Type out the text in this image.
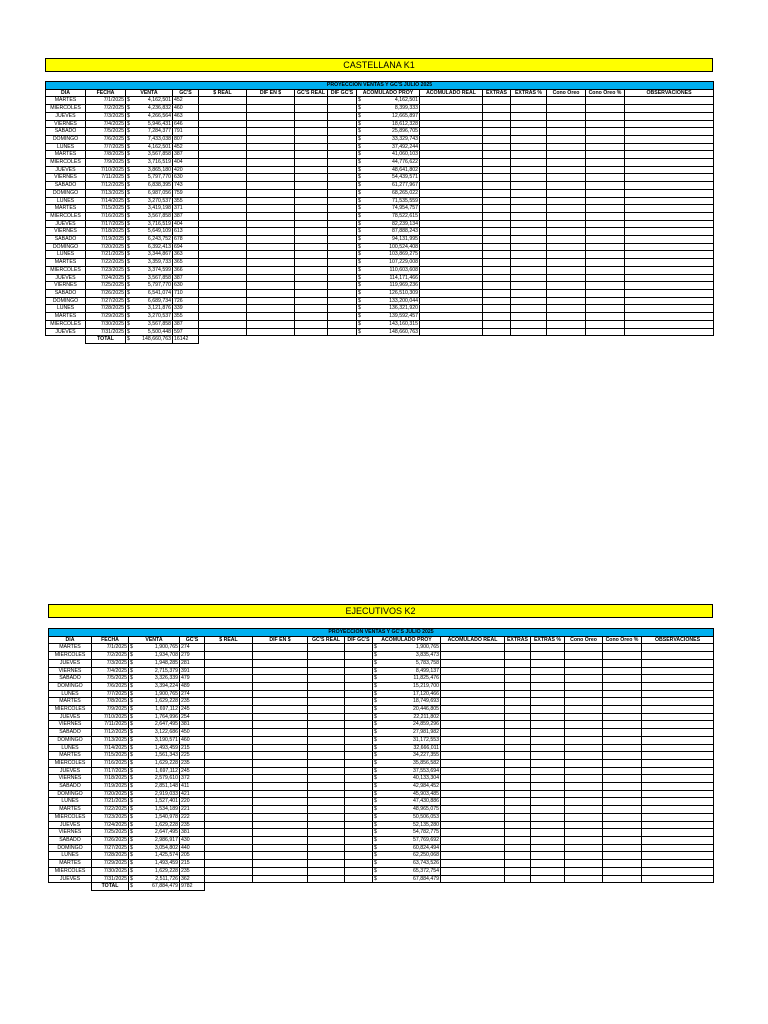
CASTELLANA K1
PROYECCIÓN VENTAS Y GC'S JULIO 2025														
DÍA	FECHA	VENTA	GC'S	$ REAL	DIF EN $	GC'S REAL	DIF GC'S	ACOMULADO PROY	ACOMULADO REAL	EXTRAS	EXTRAS %	Cono Oreo	Cono Oreo %	OBSERVACIONES
MARTES	7/1/2025	$ 4,162,501	452					$ 4,162,501						

MIÉRCOLES	7/2/2025	$ 4,236,832	460					$ 8,399,333						

JUEVES	7/3/2025	$ 4,266,564	463					$ 12,665,897						

VIERNES	7/4/2025	$ 5,946,431	646					$ 18,612,328						

SÁBADO	7/5/2025	$ 7,284,377	791					$ 25,896,705						

DOMINGO	7/6/2025	$ 7,433,038	807					$ 33,329,743						

LUNES	7/7/2025	$ 4,162,501	452					$ 37,492,244						

MARTES	7/8/2025	$ 3,567,858	387					$ 41,060,103						

MIÉRCOLES	7/9/2025	$ 3,716,519	404					$ 44,776,622						

JUEVES	7/10/2025	$ 3,865,180	420					$ 48,641,802						

VIERNES	7/11/2025	$ 5,797,770	630					$ 54,439,571						

SÁBADO	7/12/2025	$ 6,838,395	743					$ 61,277,967						

DOMINGO	7/13/2025	$ 6,987,056	759					$ 68,265,022						

LUNES	7/14/2025	$ 3,270,537	355					$ 71,535,559						

MARTES	7/15/2025	$ 3,419,198	371					$ 74,954,757						

MIÉRCOLES	7/16/2025	$ 3,567,858	387					$ 78,522,615						

JUEVES	7/17/2025	$ 3,716,519	404					$ 82,239,134						

VIERNES	7/18/2025	$ 5,649,109	613					$ 87,888,243						

SÁBADO	7/19/2025	$ 6,243,752	678					$ 94,131,995						

DOMINGO	7/20/2025	$ 6,392,413	694					$ 100,524,408						

LUNES	7/21/2025	$ 3,344,867	363					$ 103,869,275						

MARTES	7/22/2025	$ 3,359,733	365					$ 107,229,008						

MIÉRCOLES	7/23/2025	$ 3,374,599	366					$ 110,603,608						

JUEVES	7/24/2025	$ 3,567,858	387					$ 114,171,466						

VIERNES	7/25/2025	$ 5,797,770	630					$ 119,969,236						

SÁBADO	7/26/2025	$ 6,541,074	710					$ 126,510,309						

DOMINGO	7/27/2025	$ 6,689,734	726					$ 133,200,044						

LUNES	7/28/2025	$ 3,121,876	339					$ 136,321,920						

MARTES	7/29/2025	$ 3,270,537	355					$ 139,592,457						

MIÉRCOLES	7/30/2025	$ 3,567,858	387					$ 143,160,315						

JUEVES	7/31/2025	$ 5,500,448	597					$ 148,660,763						

	TOTAL	$ 148,660,763	16142											
EJECUTIVOS K2
PROYECCIÓN VENTAS Y GC'S JULIO 2025														
DÍA	FECHA	VENTA	GC'S	$ REAL	DIF EN $	GC'S REAL	DIF GC'S	ACOMULADO PROY	ACOMULADO REAL	EXTRAS	EXTRAS %	Cono Oreo	Cono Oreo %	OBSERVACIONES
MARTES	7/1/2025	$ 1,900,765	274					$ 1,900,765						

MIÉRCOLES	7/2/2025	$ 1,934,708	279					$ 3,835,473						

JUEVES	7/3/2025	$ 1,948,285	281					$ 5,783,758						

VIERNES	7/4/2025	$ 2,715,379	391					$ 8,499,137						

SÁBADO	7/5/2025	$ 3,326,339	479					$ 11,825,476						

DOMINGO	7/6/2025	$ 3,394,224	489					$ 15,219,700						

LUNES	7/7/2025	$ 1,900,765	274					$ 17,120,466						

MARTES	7/8/2025	$ 1,629,228	235					$ 18,749,693						

MIÉRCOLES	7/9/2025	$ 1,697,112	245					$ 20,446,805						

JUEVES	7/10/2025	$ 1,764,996	254					$ 22,211,802						

VIERNES	7/11/2025	$ 2,647,495	381					$ 24,859,296						

SÁBADO	7/12/2025	$ 3,122,686	450					$ 27,981,982						

DOMINGO	7/13/2025	$ 3,190,571	460					$ 31,172,553						

LUNES	7/14/2025	$ 1,493,459	215					$ 32,666,011						

MARTES	7/15/2025	$ 1,561,343	225					$ 34,227,355						

MIÉRCOLES	7/16/2025	$ 1,629,228	235					$ 35,856,582						

JUEVES	7/17/2025	$ 1,697,112	245					$ 37,553,694						

VIERNES	7/18/2025	$ 2,579,610	372					$ 40,133,304						

SÁBADO	7/19/2025	$ 2,851,148	411					$ 42,984,452						

DOMINGO	7/20/2025	$ 2,919,033	421					$ 45,903,485						

LUNES	7/21/2025	$ 1,527,401	220					$ 47,430,886						

MARTES	7/22/2025	$ 1,534,189	221					$ 48,965,075						

MIÉRCOLES	7/23/2025	$ 1,540,978	222					$ 50,506,053						

JUEVES	7/24/2025	$ 1,629,228	235					$ 52,135,280						

VIERNES	7/25/2025	$ 2,647,495	381					$ 54,782,775						

SÁBADO	7/26/2025	$ 2,986,917	430					$ 57,769,692						

DOMINGO	7/27/2025	$ 3,054,802	440					$ 60,824,494						

LUNES	7/28/2025	$ 1,425,574	205					$ 62,250,068						

MARTES	7/29/2025	$ 1,493,459	215					$ 63,743,526						

MIÉRCOLES	7/30/2025	$ 1,629,228	235					$ 65,372,754						

JUEVES	7/31/2025	$ 2,511,726	362					$ 67,884,479						

	TOTAL	$ 67,884,479	9782											
